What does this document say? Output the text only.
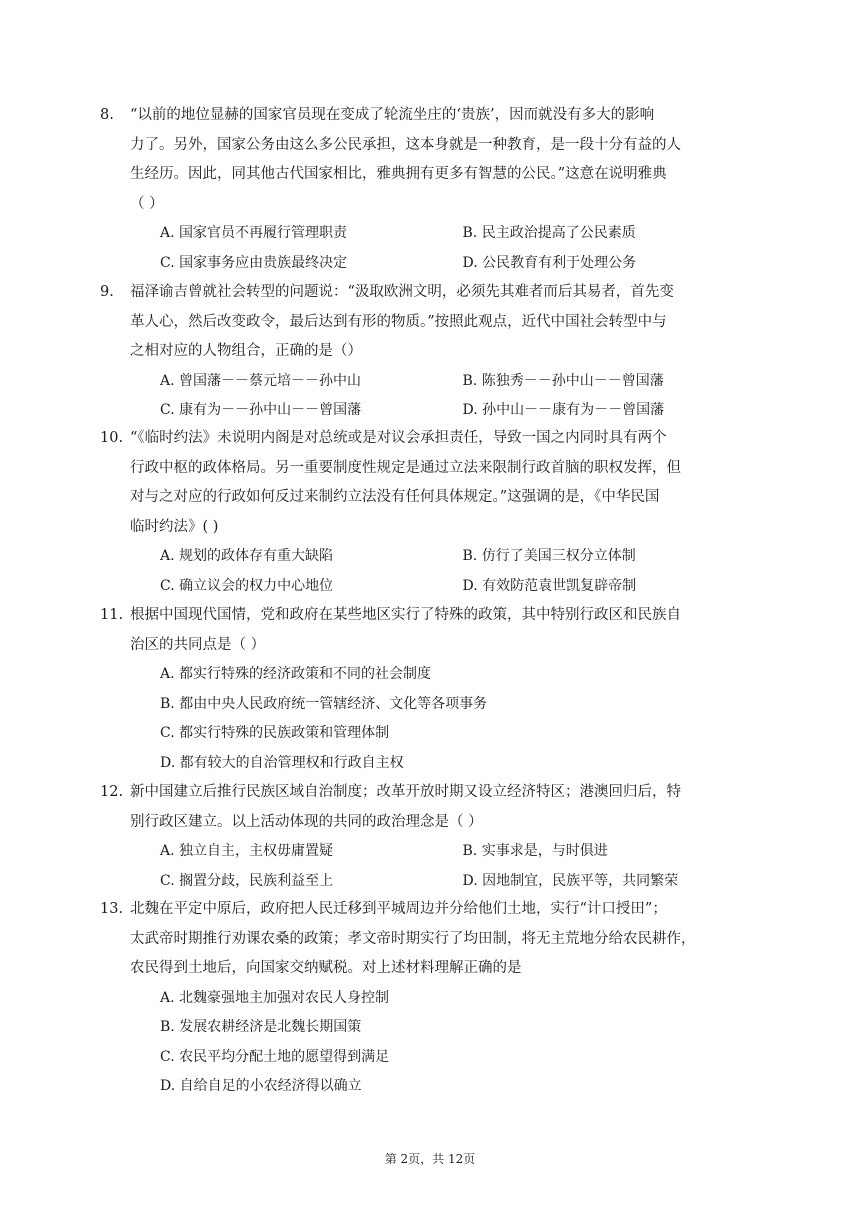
8. “以前的地位显赫的国家官员现在变成了轮流坐庄的‘贵族’，因而就没有多大的影响
力了。另外，国家公务由这么多公民承担，这本身就是一种教育，是一段十分有益的人
生经历。因此，同其他古代国家相比，雅典拥有更多有智慧的公民。”这意在说明雅典
（ ）

A. 国家官员不再履行管理职责	B. 民主政治提高了公民素质
C. 国家事务应由贵族最终决定	D. 公民教育有利于处理公务
9. 福泽谕吉曾就社会转型的问题说：“汲取欧洲文明，必须先其难者而后其易者，首先变
革人心，然后改变政令，最后达到有形的物质。”按照此观点，近代中国社会转型中与
之相对应的人物组合，正确的是（）

A. 曾国藩－－蔡元培－－孙中山	B. 陈独秀－－孙中山－－曾国藩
C. 康有为－－孙中山－－曾国藩	D. 孙中山－－康有为－－曾国藩
10. “《临时约法》未说明内阁是对总统或是对议会承担责任，导致一国之内同时具有两个
行政中枢的政体格局。另一重要制度性规定是通过立法来限制行政首脑的职权发挥，但
对与之对应的行政如何反过来制约立法没有任何具体规定。”这强调的是，《中华民国
临时约法》( )

A. 规划的政体存有重大缺陷	B. 仿行了美国三权分立体制
C. 确立议会的权力中心地位	D. 有效防范袁世凯复辟帝制
11. 根据中国现代国情，党和政府在某些地区实行了特殊的政策，其中特别行政区和民族自
治区的共同点是（ ）

A. 都实行特殊的经济政策和不同的社会制度
B. 都由中央人民政府统一管辖经济、文化等各项事务
C. 都实行特殊的民族政策和管理体制
D. 都有较大的自治管理权和行政自主权
12. 新中国建立后推行民族区域自治制度；改革开放时期又设立经济特区；港澳回归后，特
别行政区建立。以上活动体现的共同的政治理念是（ ）

A. 独立自主，主权毋庸置疑	B. 实事求是，与时俱进
C. 搁置分歧，民族利益至上	D. 因地制宜，民族平等，共同繁荣
13. 北魏在平定中原后，政府把人民迁移到平城周边并分给他们土地，实行“计口授田”；
太武帝时期推行劝课农桑的政策；孝文帝时期实行了均田制，将无主荒地分给农民耕作，
农民得到土地后，向国家交纳赋税。对上述材料理解正确的是

A. 北魏豪强地主加强对农民人身控制
B. 发展农耕经济是北魏长期国策
C. 农民平均分配土地的愿望得到满足
D. 自给自足的小农经济得以确立
第 2页，共 12页
